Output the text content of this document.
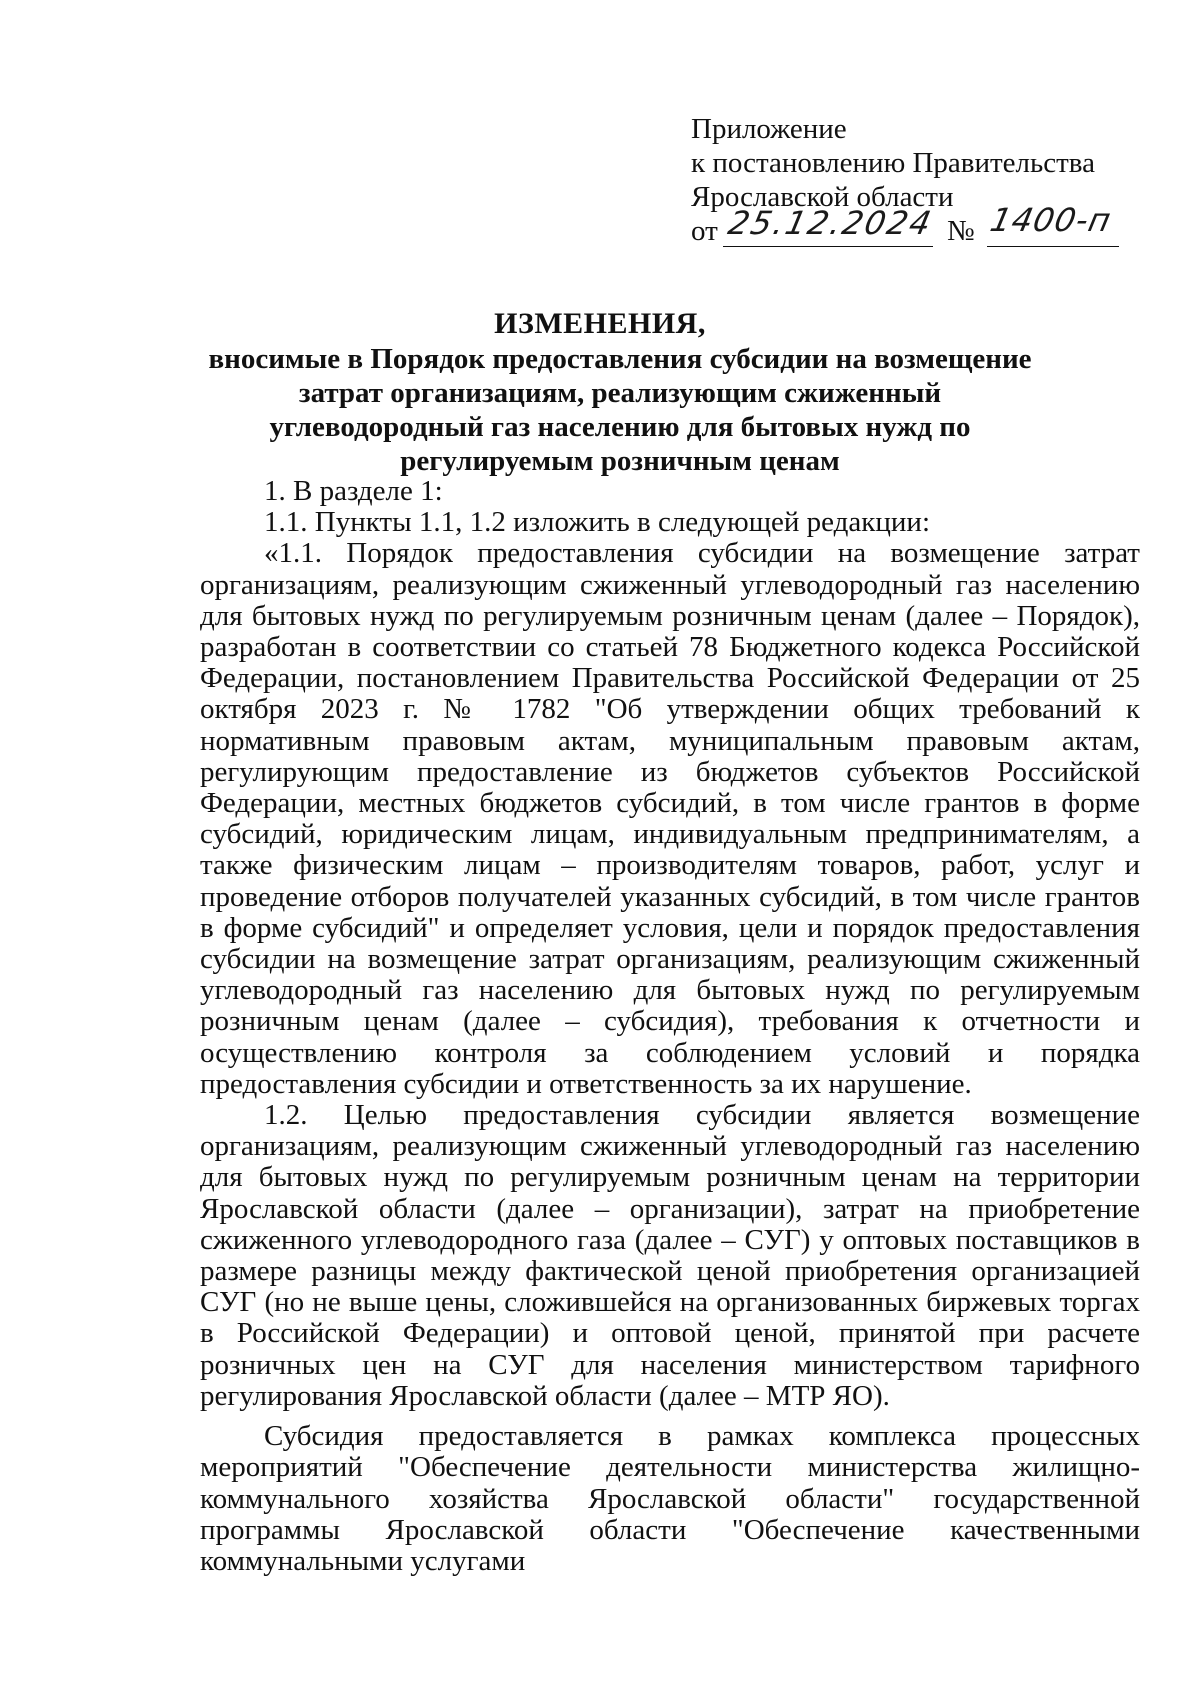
Приложение
к постановлению Правительства
Ярославской области
от 25.12.2024 № 1400-п
ИЗМЕНЕНИЯ,
вносимые в Порядок предоставления субсидии на возмещение затрат организациям, реализующим сжиженный углеводородный газ населению для бытовых нужд по регулируемым розничным ценам

1. В разделе 1:

1.1. Пункты 1.1, 1.2 изложить в следующей редакции:

«1.1. Порядок предоставления субсидии на возмещение затрат организациям, реализующим сжиженный углеводородный газ населению для бытовых нужд по регулируемым розничным ценам (далее – Порядок), разработан в соответствии со статьей 78 Бюджетного кодекса Российской Федерации, постановлением Правительства Российской Федерации от 25 октября 2023 г. № 1782 "Об утверждении общих требований к нормативным правовым актам, муниципальным правовым актам, регулирующим предоставление из бюджетов субъектов Российской Федерации, местных бюджетов субсидий, в том числе грантов в форме субсидий, юридическим лицам, индивидуальным предпринимателям, а также физическим лицам – производителям товаров, работ, услуг и проведение отборов получателей указанных субсидий, в том числе грантов в форме субсидий" и определяет условия, цели и порядок предоставления субсидии на возмещение затрат организациям, реализующим сжиженный углеводородный газ населению для бытовых нужд по регулируемым розничным ценам (далее – субсидия), требования к отчетности и осуществлению контроля за соблюдением условий и порядка предоставления субсидии и ответственность за их нарушение.

1.2. Целью предоставления субсидии является возмещение организациям, реализующим сжиженный углеводородный газ населению для бытовых нужд по регулируемым розничным ценам на территории Ярославской области (далее – организации), затрат на приобретение сжиженного углеводородного газа (далее – СУГ) у оптовых поставщиков в размере разницы между фактической ценой приобретения организацией СУГ (но не выше цены, сложившейся на организованных биржевых торгах в Российской Федерации) и оптовой ценой, принятой при расчете розничных цен на СУГ для населения министерством тарифного регулирования Ярославской области (далее – МТР ЯО).

Субсидия предоставляется в рамках комплекса процессных мероприятий "Обеспечение деятельности министерства жилищно-коммунального хозяйства Ярославской области" государственной программы Ярославской области "Обеспечение качественными коммунальными услугами
